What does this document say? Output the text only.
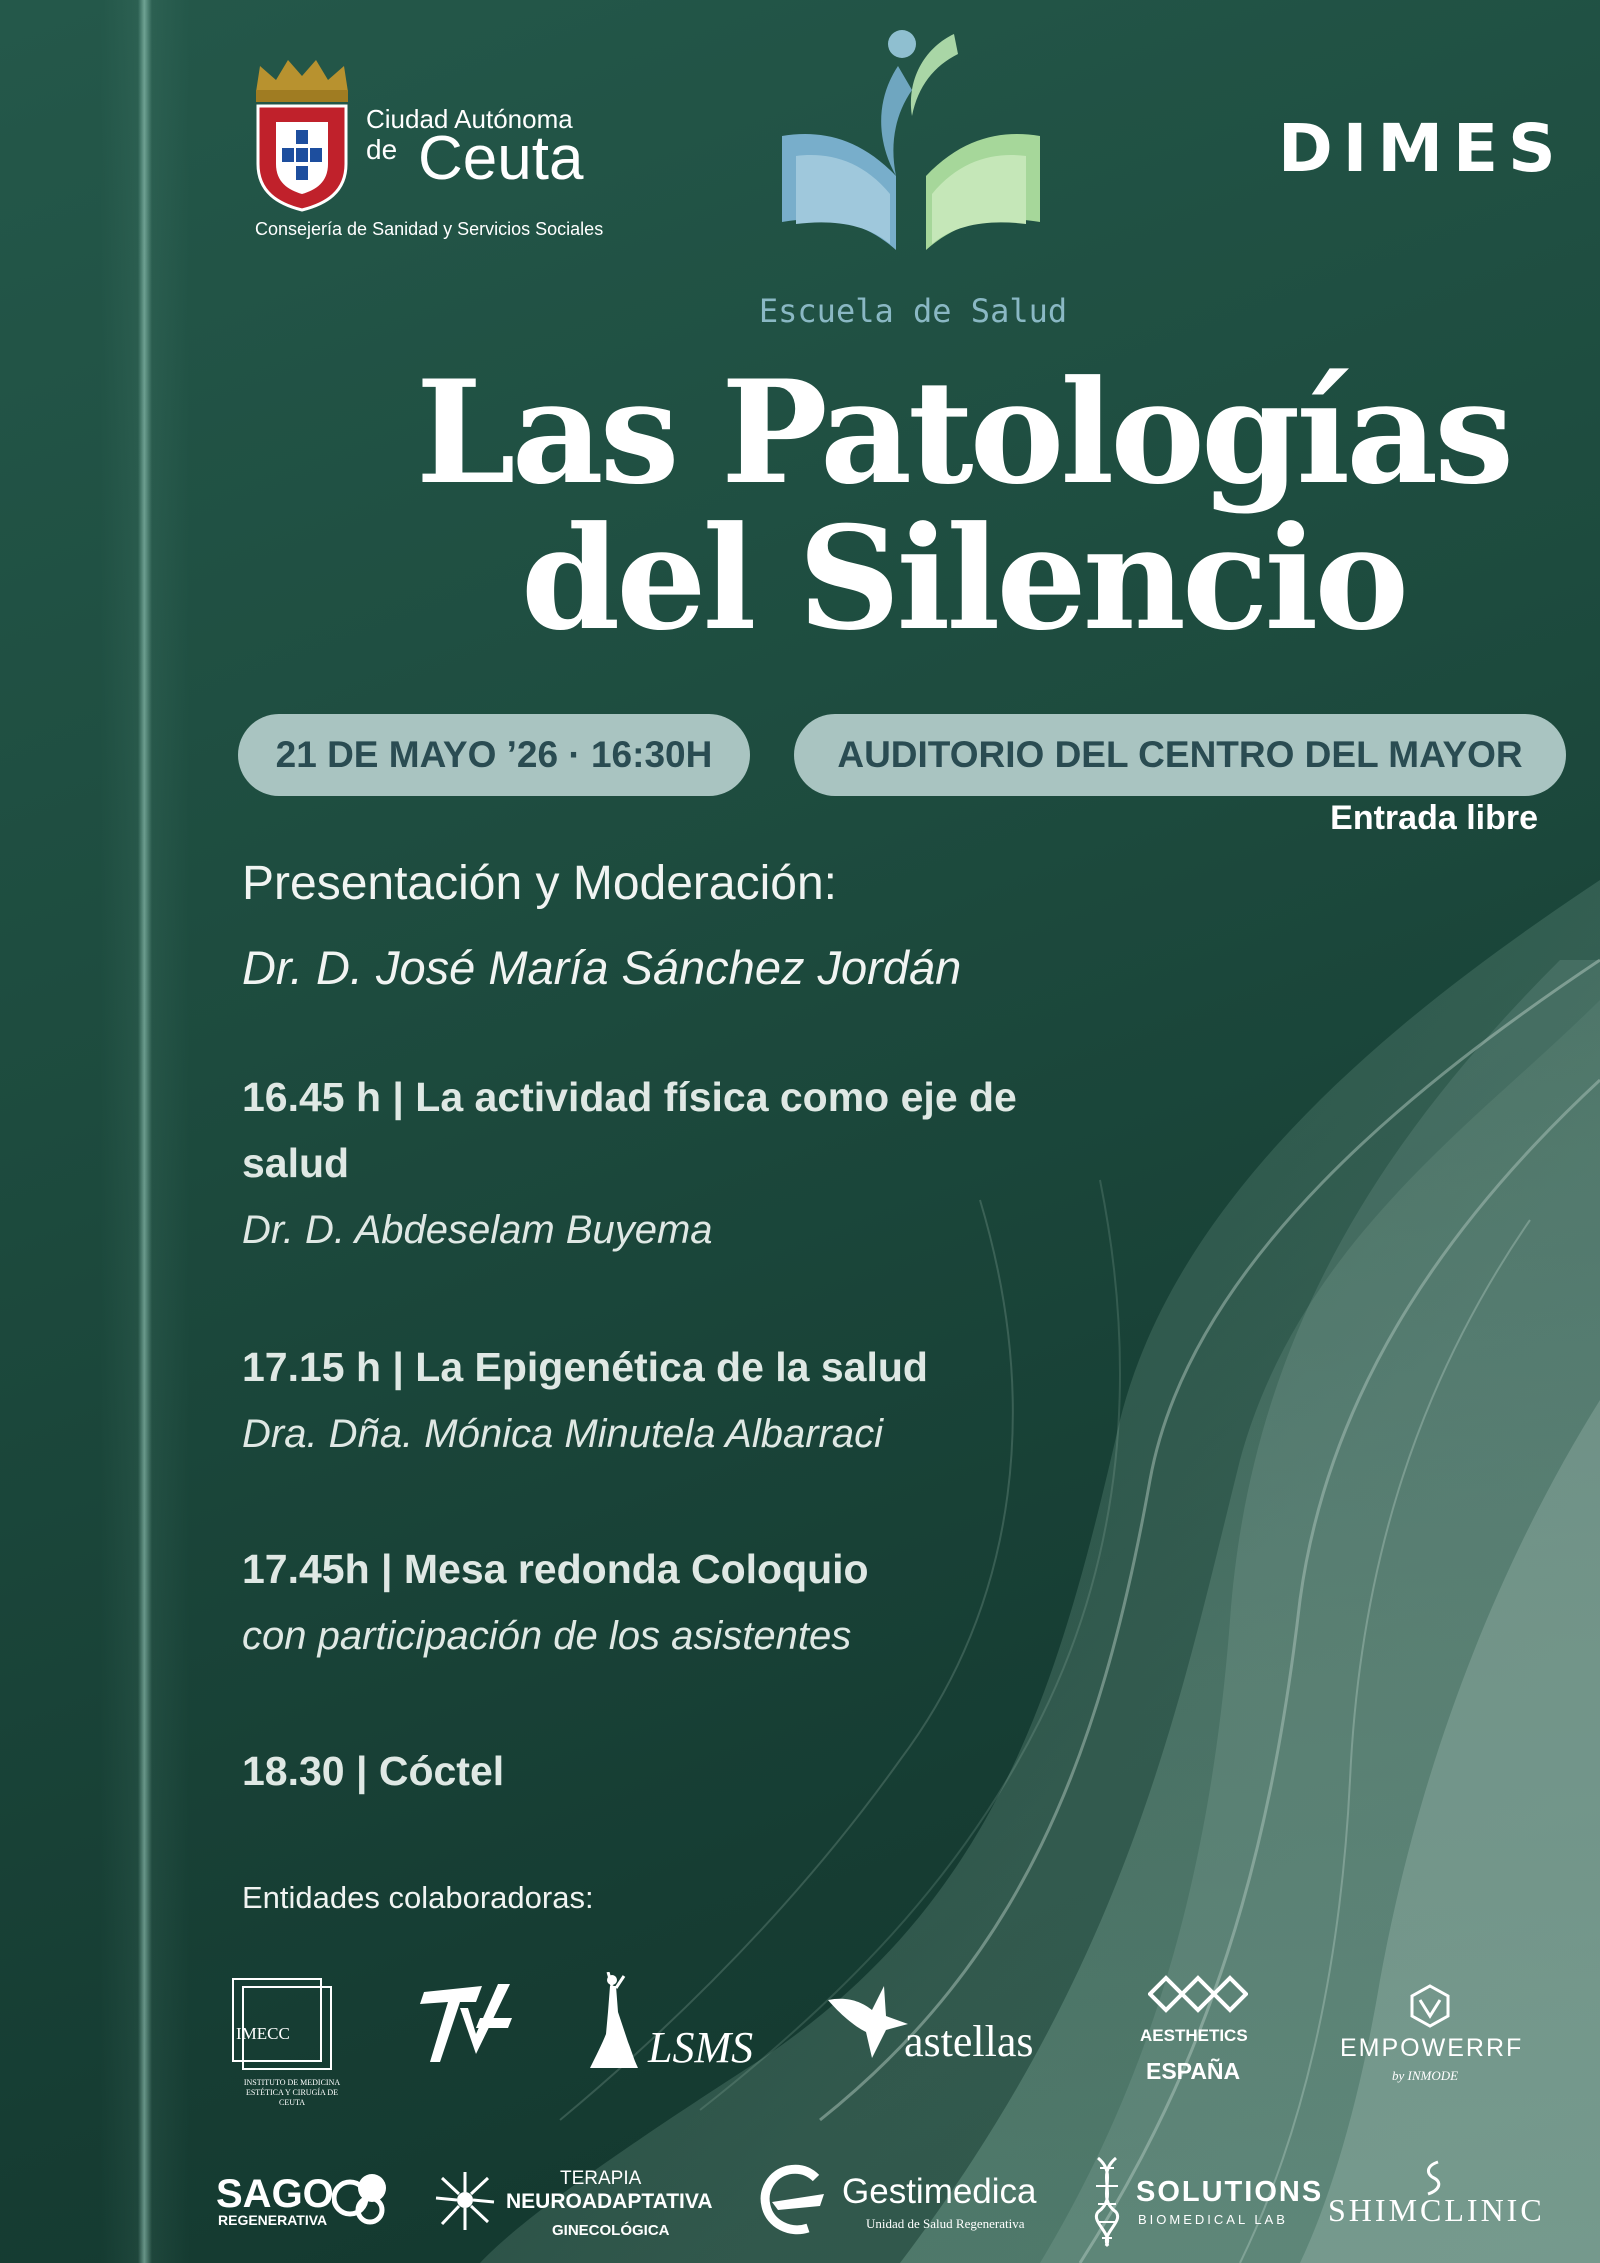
Ciudad Autónoma
de Ceuta
Consejería de Sanidad y Servicios Sociales
Escuela de Salud
DIMES
Las Patologías
del Silencio
21 DE MAYO ’26 · 16:30H	AUDITORIO DEL CENTRO DEL MAYOR
Entrada libre
Presentación y Moderación:
Dr. D. José María Sánchez Jordán
16.45 h | La actividad física como eje de
salud
Dr. D. Abdeselam Buyema
17.15 h | La Epigenética de la salud
Dra. Dña. Mónica Minutela Albarraci
17.45h | Mesa redonda Coloquio
con participación de los asistentes
18.30 | Cóctel
Entidades colaboradoras:
IMECC
INSTITUTO DE MEDICINA
ESTÉTICA Y CIRUGÍA DE
CEUTA
LSMS	astellas	AESTHETICS
ESPAÑA
EMPOWERRF
by INMODE
SAGO
REGENERATIVA
TERAPIA
NEUROADAPTATIVA
GINECOLÓGICA
Gestimedica
Unidad de Salud Regenerativa
SOLUTIONS
BIOMEDICAL LAB SHIMCLINIC
